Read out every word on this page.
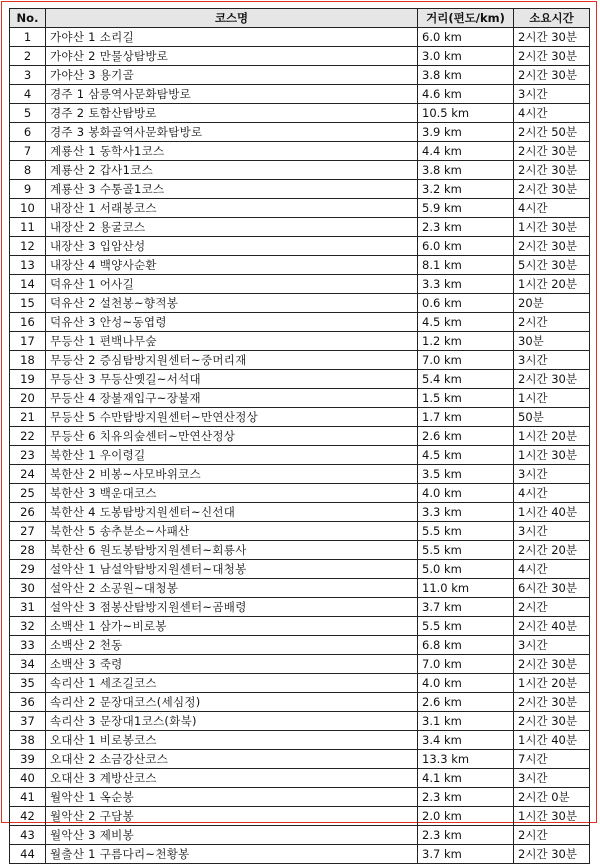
No.	코스명	거리(편도/km)	소요시간
1	가야산 1 소리길	6.0 km	2시간 30분
2	가야산 2 만물상탐방로	3.0 km	2시간 30분
3	가야산 3 용기골	3.8 km	2시간 30분
4	경주 1 삼릉역사문화탐방로	4.6 km	3시간
5	경주 2 토함산탐방로	10.5 km	4시간
6	경주 3 봉화골역사문화탐방로	3.9 km	2시간 50분
7	계룡산 1 동학사1코스	4.4 km	2시간 30분
8	계룡산 2 갑사1코스	3.8 km	2시간 30분
9	계룡산 3 수통골1코스	3.2 km	2시간 30분
10	내장산 1 서래봉코스	5.9 km	4시간
11	내장산 2 용굴코스	2.3 km	1시간 30분
12	내장산 3 입암산성	6.0 km	2시간 30분
13	내장산 4 백양사순환	8.1 km	5시간 30분
14	덕유산 1 어사길	3.3 km	1시간 20분
15	덕유산 2 설천봉~향적봉	0.6 km	20분
16	덕유산 3 안성~동엽령	4.5 km	2시간
17	무등산 1 편백나무숲	1.2 km	30분
18	무등산 2 증심탐방지원센터~중머리재	7.0 km	3시간
19	무등산 3 무등산옛길~서석대	5.4 km	2시간 30분
20	무등산 4 장불재입구~장불재	1.5 km	1시간
21	무등산 5 수만탐방지원센터~만연산정상	1.7 km	50분
22	무등산 6 치유의숲센터~만연산정상	2.6 km	1시간 20분
23	북한산 1 우이령길	4.5 km	1시간 30분
24	북한산 2 비봉~사모바위코스	3.5 km	3시간
25	북한산 3 백운대코스	4.0 km	4시간
26	북한산 4 도봉탐방지원센터~신선대	3.3 km	1시간 40분
27	북한산 5 송추분소~사패산	5.5 km	3시간
28	북한산 6 원도봉탐방지원센터~회룡사	5.5 km	2시간 20분
29	설악산 1 남설악탐방지원센터~대청봉	5.0 km	4시간
30	설악산 2 소공원~대청봉	11.0 km	6시간 30분
31	설악산 3 점봉산탐방지원센터~곰배령	3.7 km	2시간
32	소백산 1 삼가~비로봉	5.5 km	2시간 40분
33	소백산 2 천동	6.8 km	3시간
34	소백산 3 죽령	7.0 km	2시간 30분
35	속리산 1 세조길코스	4.0 km	1시간 20분
36	속리산 2 문장대코스(세심정)	2.6 km	2시간 30분
37	속리산 3 문장대1코스(화북)	3.1 km	2시간 30분
38	오대산 1 비로봉코스	3.4 km	1시간 40분
39	오대산 2 소금강산코스	13.3 km	7시간
40	오대산 3 계방산코스	4.1 km	3시간
41	월악산 1 옥순봉	2.3 km	2시간 0분
42	월악산 2 구담봉	2.0 km	1시간 30분
43	월악산 3 제비봉	2.3 km	2시간
44	월출산 1 구름다리~천황봉	3.7 km	2시간 30분
